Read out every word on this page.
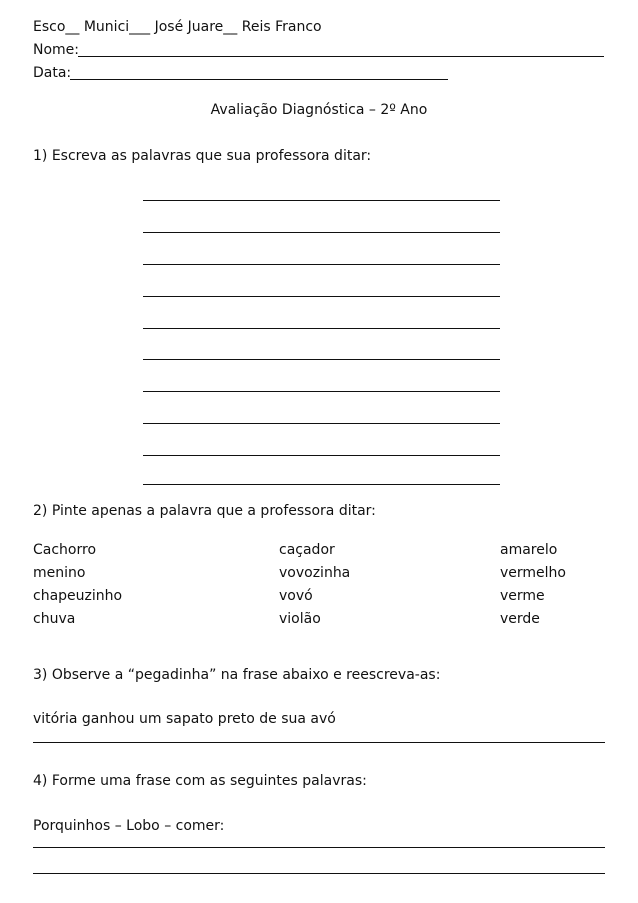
Esco__ Munici___ José Juare__ Reis Franco
Nome:
Data:
Avaliação Diagnóstica – 2º Ano
1) Escreva as palavras que sua professora ditar:
2) Pinte apenas a palavra que a professora ditar:
Cachorro
menino
chapeuzinho
chuva
caçador
vovozinha
vovó
violão
amarelo
vermelho
verme
verde
3) Observe a “pegadinha” na frase abaixo e reescreva-as:
vitória ganhou um sapato preto de sua avó
4) Forme uma frase com as seguintes palavras:
Porquinhos – Lobo – comer:
